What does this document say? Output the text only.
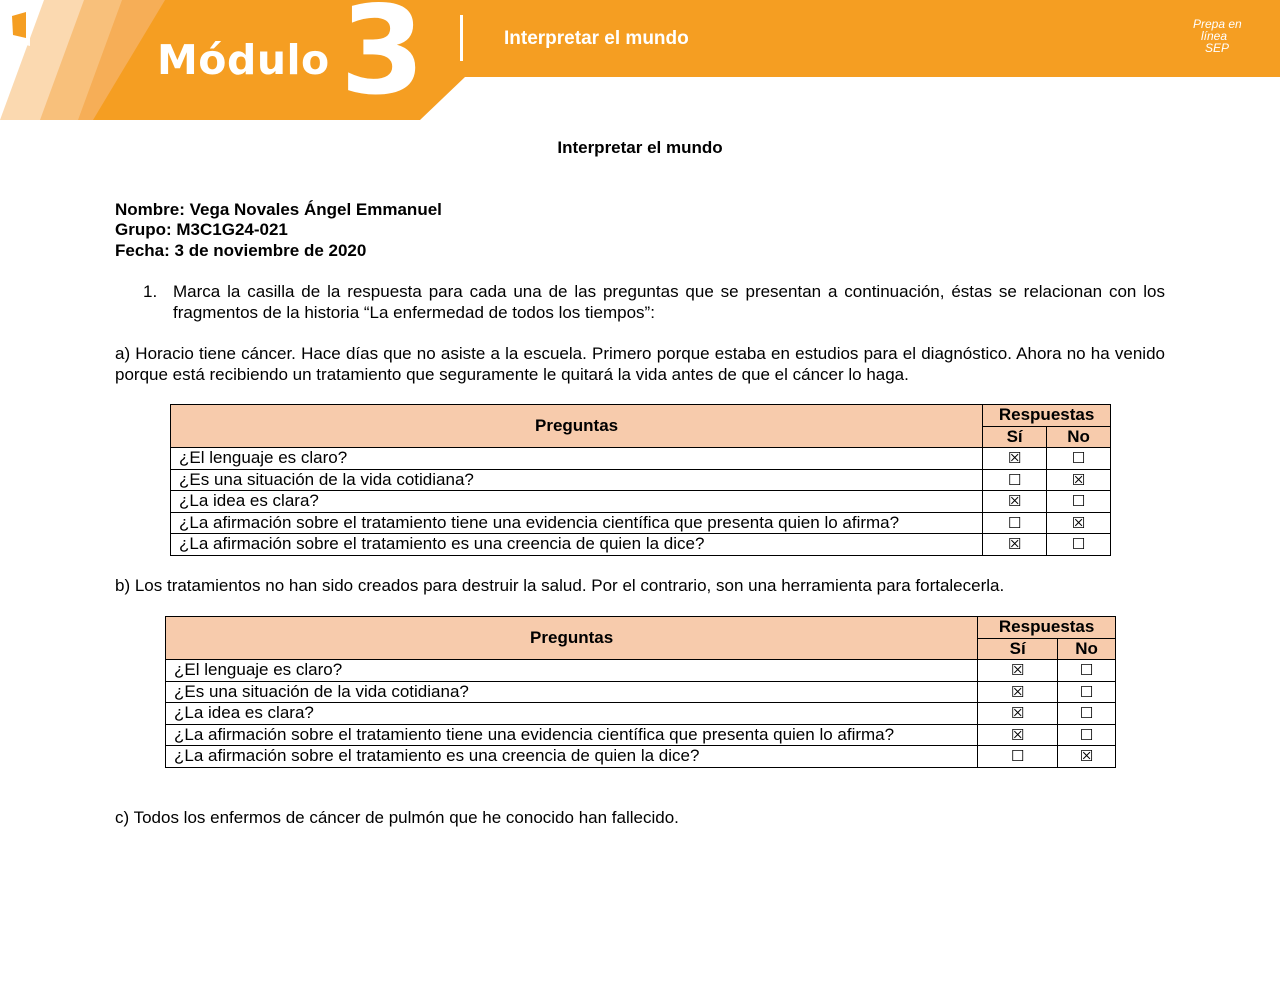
Módulo 3	Interpretar el mundo
Prepa en
línea
SEP
Interpretar el mundo
Nombre: Vega Novales Ángel Emmanuel
Grupo: M3C1G24-021
Fecha: 3 de noviembre de 2020
1. Marca la casilla de la respuesta para cada una de las preguntas que se presentan a continuación, éstas se relacionan con los fragmentos de la historia “La enfermedad de todos los tiempos”:
a) Horacio tiene cáncer. Hace días que no asiste a la escuela. Primero porque estaba en estudios para el diagnóstico. Ahora no ha venido porque está recibiendo un tratamiento que seguramente le quitará la vida antes de que el cáncer lo haga.
Preguntas	Respuestas	
	Sí	No
¿El lenguaje es claro?	☒	☐
¿Es una situación de la vida cotidiana?	☐	☒
¿La idea es clara?	☒	☐
¿La afirmación sobre el tratamiento tiene una evidencia científica que presenta quien lo afirma?	☐	☒
¿La afirmación sobre el tratamiento es una creencia de quien la dice?	☒	☐
b) Los tratamientos no han sido creados para destruir la salud. Por el contrario, son una herramienta para fortalecerla.
Preguntas	Respuestas	
	Sí	No
¿El lenguaje es claro?	☒	☐
¿Es una situación de la vida cotidiana?	☒	☐
¿La idea es clara?	☒	☐
¿La afirmación sobre el tratamiento tiene una evidencia científica que presenta quien lo afirma?	☒	☐
¿La afirmación sobre el tratamiento es una creencia de quien la dice?	☐	☒
c) Todos los enfermos de cáncer de pulmón que he conocido han fallecido.
